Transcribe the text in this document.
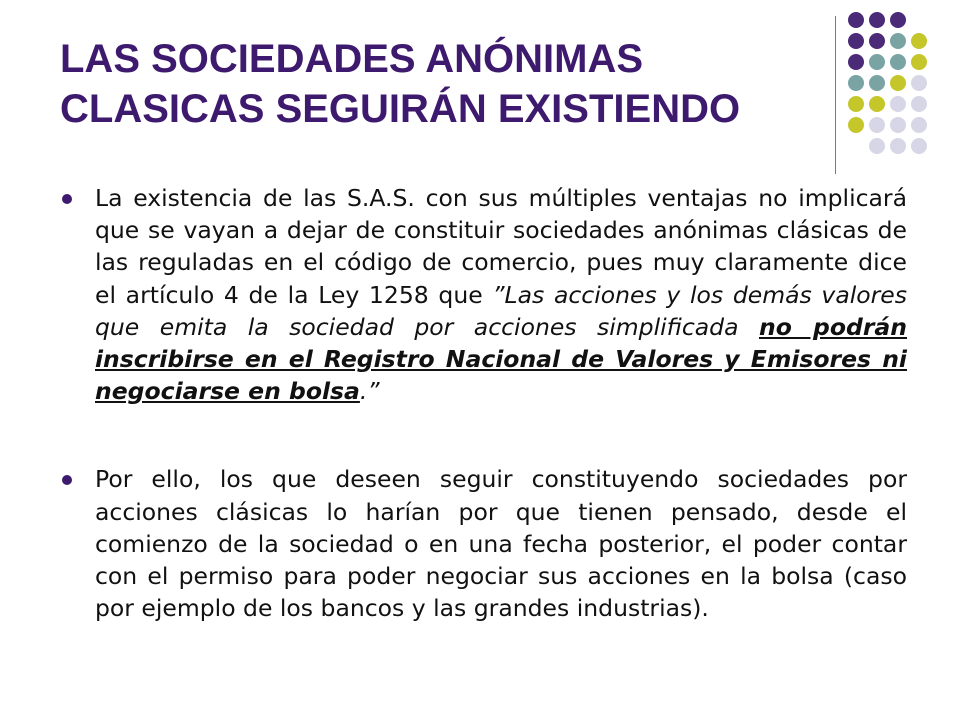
LAS SOCIEDADES ANÓNIMAS
CLASICAS SEGUIRÁN EXISTIENDO
La existencia de las S.A.S. con sus múltiples ventajas no implicará que se vayan a dejar de constituir sociedades anónimas clásicas de las reguladas en el código de comercio, pues muy claramente dice el artículo 4 de la Ley 1258 que ”Las acciones y los demás valores que emita la sociedad por acciones simplificada no podrán inscribirse en el Registro Nacional de Valores y Emisores ni negociarse en bolsa.”
Por ello, los que deseen seguir constituyendo sociedades por acciones clásicas lo harían por que tienen pensado, desde el comienzo de la sociedad o en una fecha posterior, el poder contar con el permiso para poder negociar sus acciones en la bolsa (caso por ejemplo de los bancos y las grandes industrias).
